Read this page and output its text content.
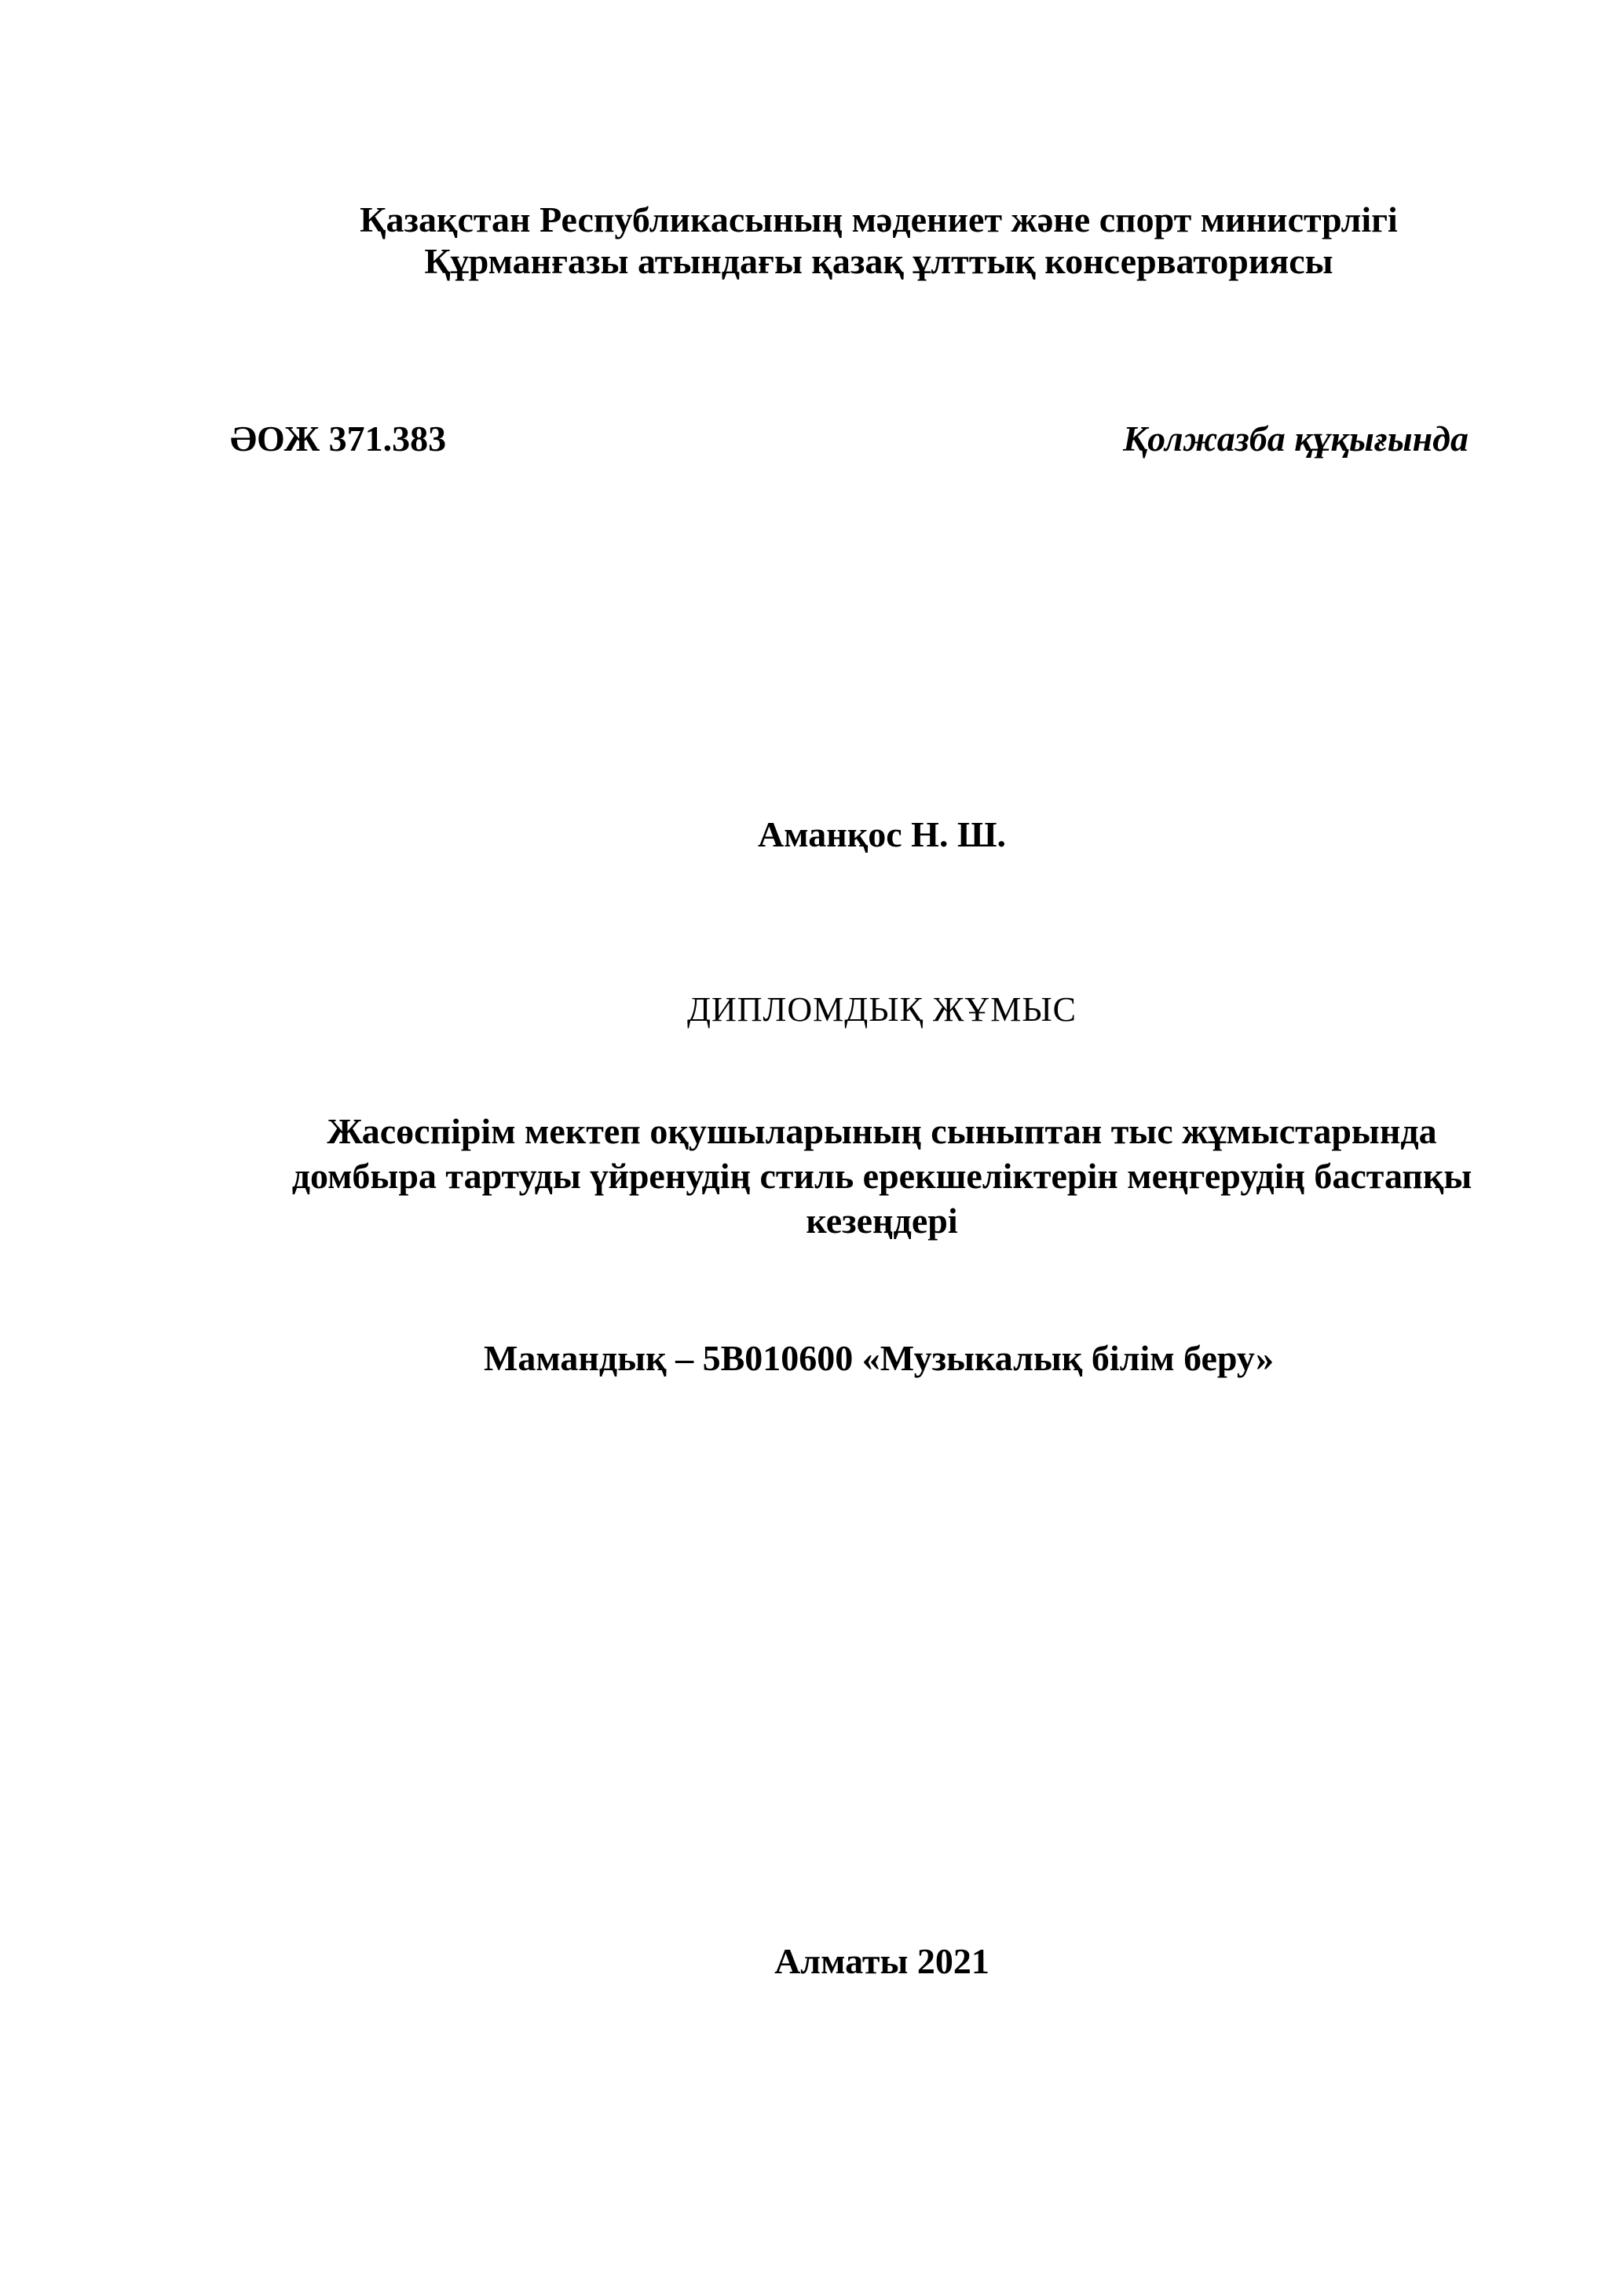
Қазақстан Республикасының мәдениет және спорт министрлігі
Құрманғазы атындағы қазақ ұлттық консерваториясы
ӘОЖ 371.383	Қолжазба құқығында
Аманқос Н. Ш.
ДИПЛОМДЫҚ ЖҰМЫС
Жасөспірім мектеп оқушыларының сыныптан тыс жұмыстарында
домбыра тартуды үйренудің стиль ерекшеліктерін меңгерудің бастапқы
кезеңдері
Мамандық – 5В010600 «Музыкалық білім беру»
Алматы 2021
